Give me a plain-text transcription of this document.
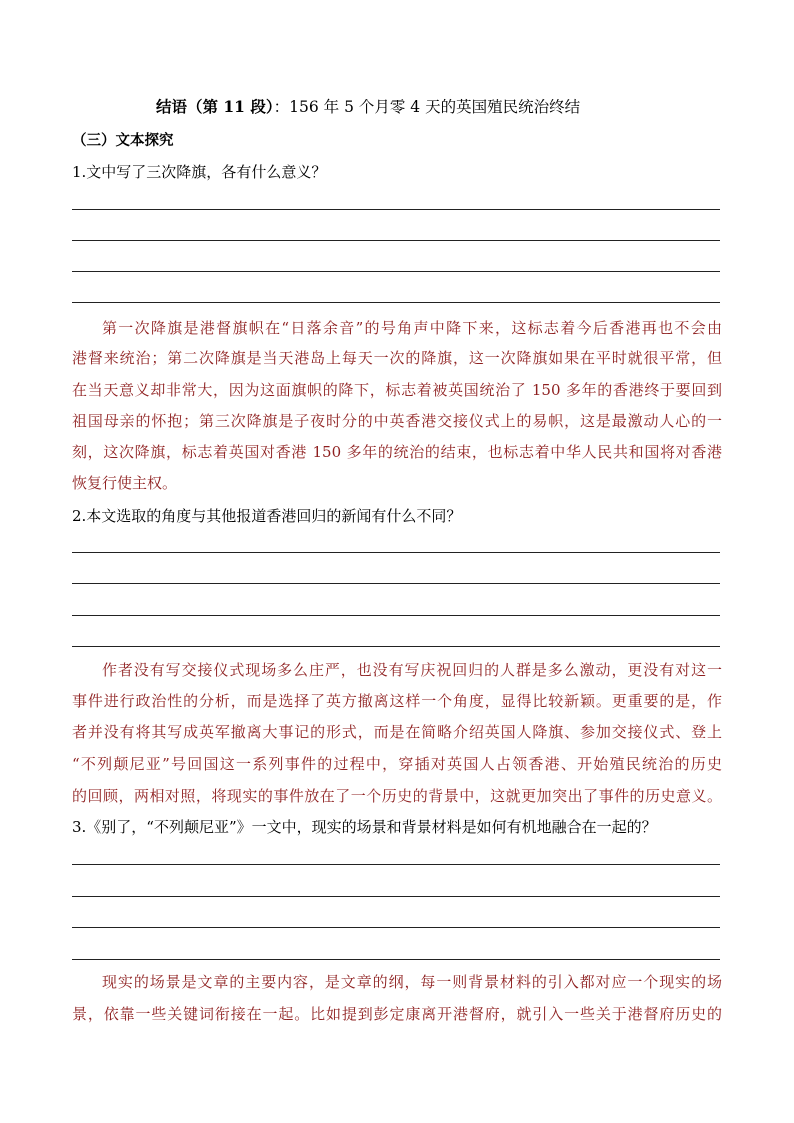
结语（第 11 段）：156 年 5 个月零 4 天的英国殖民统治终结
（三）文本探究
1.文中写了三次降旗，各有什么意义？
第一次降旗是港督旗帜在“日落余音”的号角声中降下来，这标志着今后香港再也不会由
港督来统治；第二次降旗是当天港岛上每天一次的降旗，这一次降旗如果在平时就很平常，但
在当天意义却非常大，因为这面旗帜的降下，标志着被英国统治了 150 多年的香港终于要回到
祖国母亲的怀抱；第三次降旗是子夜时分的中英香港交接仪式上的易帜，这是最激动人心的一
刻，这次降旗，标志着英国对香港 150 多年的统治的结束，也标志着中华人民共和国将对香港
恢复行使主权。
2.本文选取的角度与其他报道香港回归的新闻有什么不同？
作者没有写交接仪式现场多么庄严，也没有写庆祝回归的人群是多么激动，更没有对这一
事件进行政治性的分析，而是选择了英方撤离这样一个角度，显得比较新颖。更重要的是，作
者并没有将其写成英军撤离大事记的形式，而是在简略介绍英国人降旗、参加交接仪式、登上
“不列颠尼亚”号回国这一系列事件的过程中，穿插对英国人占领香港、开始殖民统治的历史
的回顾，两相对照，将现实的事件放在了一个历史的背景中，这就更加突出了事件的历史意义。
3.《别了，“不列颠尼亚”》一文中，现实的场景和背景材料是如何有机地融合在一起的？
现实的场景是文章的主要内容，是文章的纲，每一则背景材料的引入都对应一个现实的场
景，依靠一些关键词衔接在一起。比如提到彭定康离开港督府，就引入一些关于港督府历史的
